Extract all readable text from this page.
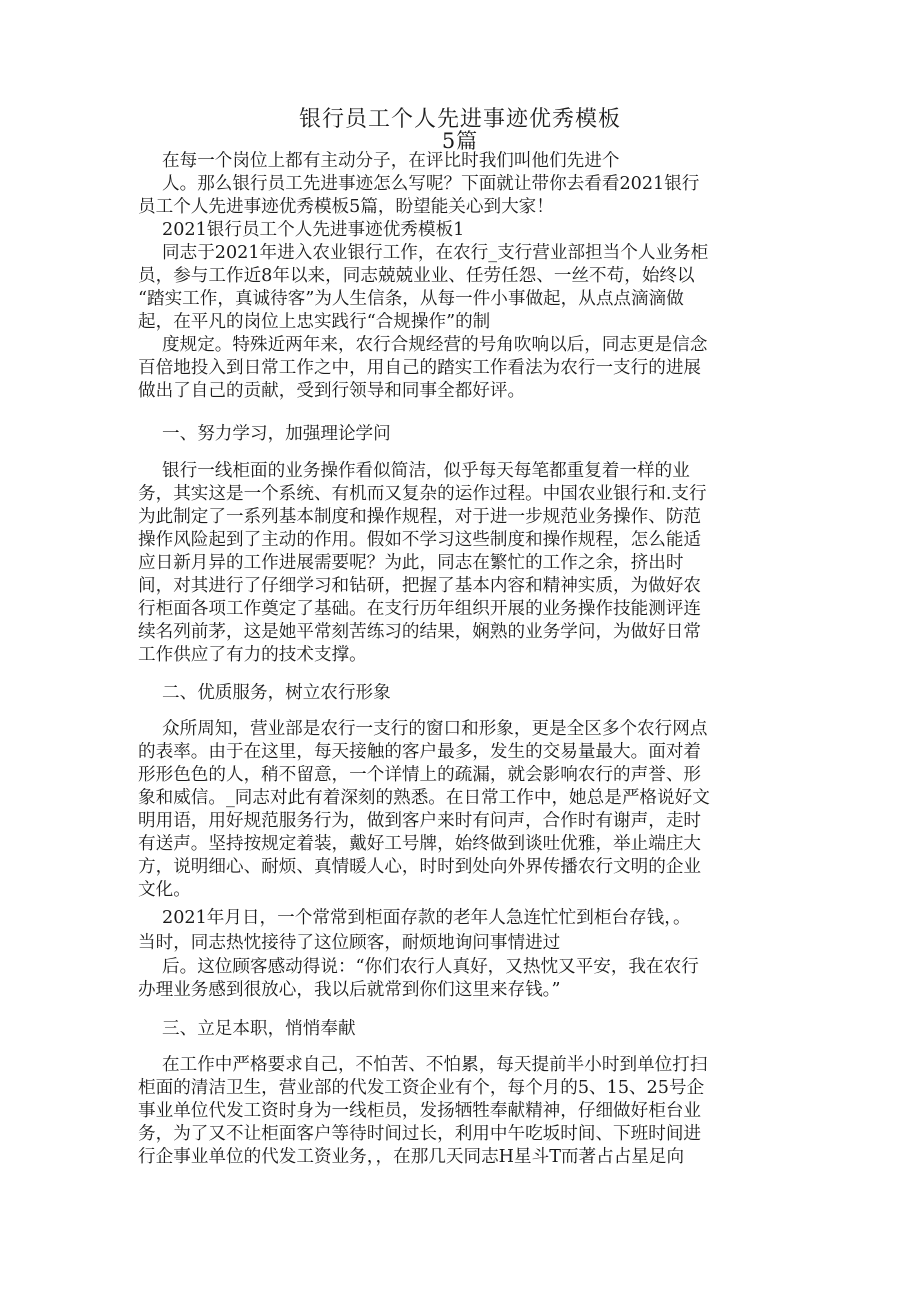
银行员工个人先进事迹优秀模板
5篇
在每一个岗位上都有主动分子，在评比时我们叫他们先进个
人。那么银行员工先进事迹怎么写呢？下面就让带你去看看2021银行
员工个人先进事迹优秀模板5篇，盼望能关心到大家！
2021银行员工个人先进事迹优秀模板1
同志于2021年进入农业银行工作，在农行_支行营业部担当个人业务柜
员，参与工作近8年以来，同志兢兢业业、任劳任怨、一丝不苟，始终以
“踏实工作，真诚待客”为人生信条，从每一件小事做起，从点点滴滴做
起，在平凡的岗位上忠实践行“合规操作”的制
度规定。特殊近两年来，农行合规经营的号角吹响以后，同志更是信念
百倍地投入到日常工作之中，用自己的踏实工作看法为农行一支行的进展
做出了自己的贡献，受到行领导和同事全都好评。
一、努力学习，加强理论学问
银行一线柜面的业务操作看似简洁，似乎每天每笔都重复着一样的业
务，其实这是一个系统、有机而又复杂的运作过程。中国农业银行和.支行
为此制定了一系列基本制度和操作规程，对于进一步规范业务操作、防范
操作风险起到了主动的作用。假如不学习这些制度和操作规程，怎么能适
应日新月异的工作进展需要呢？为此，同志在繁忙的工作之余，挤出时
间，对其进行了仔细学习和钻研，把握了基本内容和精神实质，为做好农
行柜面各项工作奠定了基础。在支行历年组织开展的业务操作技能测评连
续名列前茅，这是她平常刻苦练习的结果，娴熟的业务学问，为做好日常
工作供应了有力的技术支撑。
二、优质服务，树立农行形象
众所周知，营业部是农行一支行的窗口和形象，更是全区多个农行网点
的表率。由于在这里，每天接触的客户最多，发生的交易量最大。面对着
形形色色的人，稍不留意，一个详情上的疏漏，就会影响农行的声誉、形
象和威信。_同志对此有着深刻的熟悉。在日常工作中，她总是严格说好文
明用语，用好规范服务行为，做到客户来时有问声，合作时有谢声，走时
有送声。坚持按规定着装，戴好工号牌，始终做到谈吐优雅，举止端庄大
方，说明细心、耐烦、真情暖人心，时时到处向外界传播农行文明的企业
文化。
2021年月日，一个常常到柜面存款的老年人急连忙忙到柜台存钱，。
当时，同志热忱接待了这位顾客，耐烦地询问事情进过
后。这位顾客感动得说：“你们农行人真好，又热忱又平安，我在农行
办理业务感到很放心，我以后就常到你们这里来存钱。”
三、立足本职，悄悄奉献
在工作中严格要求自己，不怕苦、不怕累，每天提前半小时到单位打扫
柜面的清洁卫生，营业部的代发工资企业有个，每个月的5、15、25号企
事业单位代发工资时身为一线柜员，发扬牺牲奉献精神，仔细做好柜台业
务，为了又不让柜面客户等待时间过长，利用中午吃坂时间、下班时间进
行企事业单位的代发工资业务，，在那几天同志H星斗T而著占占星足向
